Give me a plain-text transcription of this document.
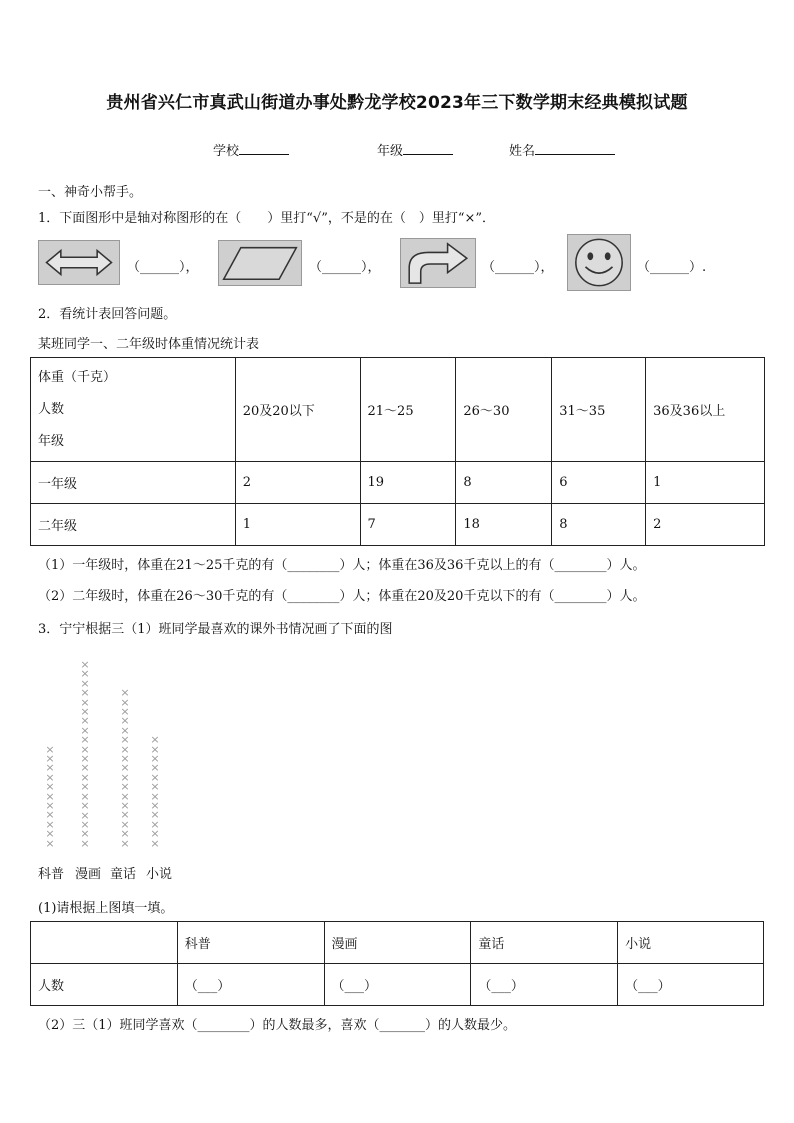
贵州省兴仁市真武山街道办事处黔龙学校2023年三下数学期末经典模拟试题
学校	年级	姓名
一、神奇小帮手。
1．下面图形中是轴对称图形的在（　　）里打“√”，不是的在（　）里打“×”．
（______），	（______），	（______），	（______）.
2．看统计表回答问题。
某班同学一、二年级时体重情况统计表
体重（千克）
人数
年级	20及20以下	21～25	26～30	31～35	36及36以上
一年级	2	19	8	6	1
二年级	1	7	18	8	2
（1）一年级时，体重在21～25千克的有（________）人；体重在36及36千克以上的有（________）人。
（2）二年级时，体重在26～30千克的有（________）人；体重在20及20千克以下的有（________）人。
3．宁宁根据三（1）班同学最喜欢的课外书情况画了下面的图
×
×
×
×
×
×
×
×
×
×
×
×
×
×
×
×
×
×
×
×
×
×
×
×
×
×
×
×
×
×
×
×
×
×
×
×
×
×
×
×
×
×
×
×
×
×
×
×
×
×
×
×
×
×
×
×
×
×
×
×
科普 漫画 童话 小说
(1)请根据上图填一填。
	科普	漫画	童话	小说
人数	（___）	（___）	（___）	（___）
（2）三（1）班同学喜欢（________）的人数最多，喜欢（_______）的人数最少。
